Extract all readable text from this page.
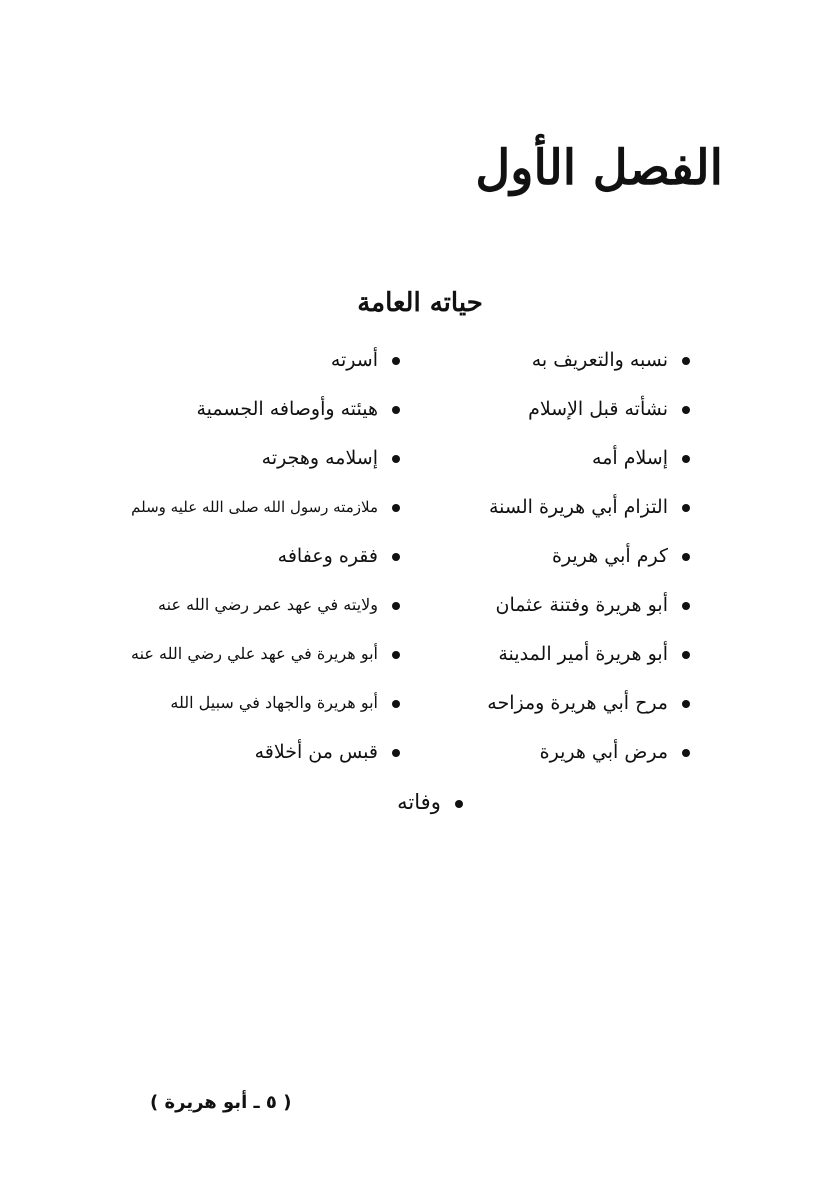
الفصل الأول
حياته العامة
نسبه والتعريف به
أسرته
نشأته قبل الإسلام
هيئته وأوصافه الجسمية
إسلام أمه
إسلامه وهجرته
التزام أبي هريرة السنة
ملازمته رسول الله صلى الله عليه وسلم
كرم أبي هريرة
فقره وعفافه
أبو هريرة وفتنة عثمان
ولايته في عهد عمر رضي الله عنه
أبو هريرة أمير المدينة
أبو هريرة في عهد علي رضي الله عنه
مرح أبي هريرة ومزاحه
أبو هريرة والجهاد في سبيل الله
مرض أبي هريرة
قبس من أخلاقه
وفاته
( ٥ ـ أبو هريرة )
